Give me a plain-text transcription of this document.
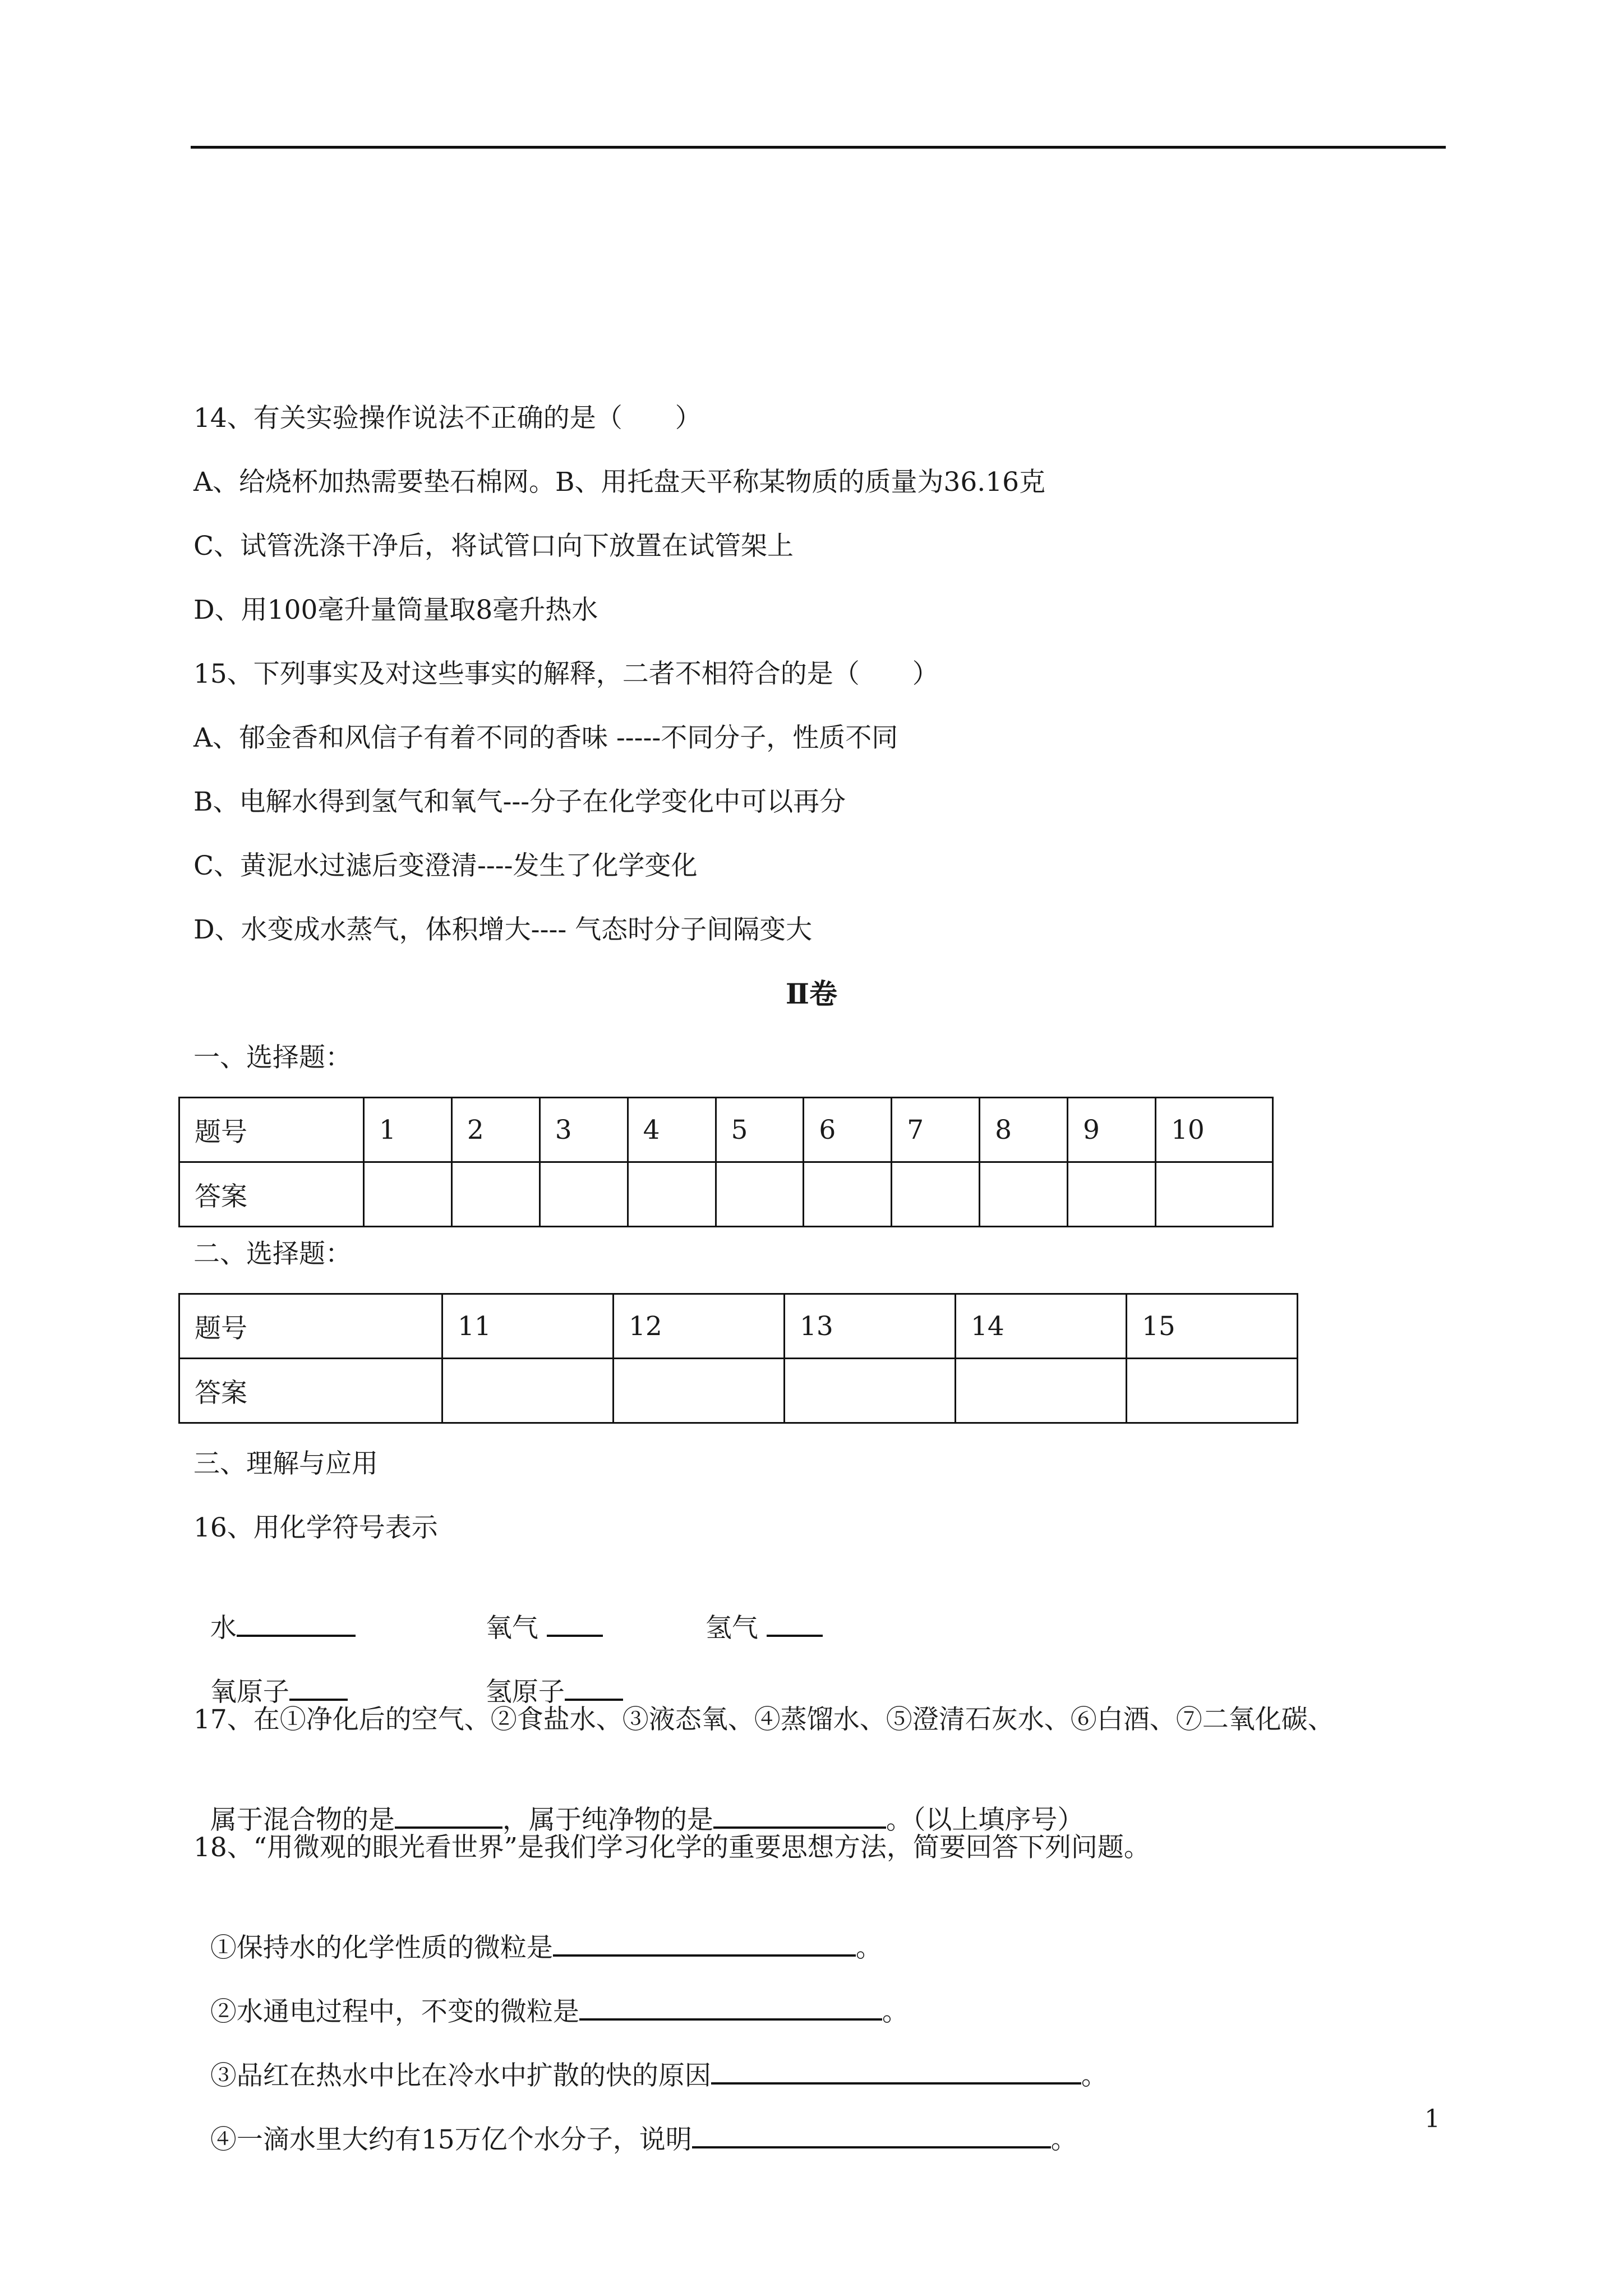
14、有关实验操作说法不正确的是（　　）
A、给烧杯加热需要垫石棉网。B、用托盘天平称某物质的质量为36.16克
C、试管洗涤干净后，将试管口向下放置在试管架上
D、用100毫升量筒量取8毫升热水
15、下列事实及对这些事实的解释，二者不相符合的是（　　）
A、郁金香和风信子有着不同的香味 -----不同分子，性质不同
B、电解水得到氢气和氧气---分子在化学变化中可以再分
C、黄泥水过滤后变澄清----发生了化学变化
D、水变成水蒸气，体积增大---- 气态时分子间隔变大
Ⅱ卷
一、选择题：
题号	1	2	3	4	5	6	7	8	9	10
答案										
二、选择题：
题号	11	12	13	14	15
答案					
三、理解与应用
16、用化学符号表示

水	氧气	氢气

氧原子	氢原子

17、在①净化后的空气、②食盐水、③液态氧、④蒸馏水、⑤澄清石灰水、⑥白酒、⑦二氧化碳、

属于混合物的是	，属于纯净物的是	。（以上填序号）

18、“用微观的眼光看世界”是我们学习化学的重要思想方法，简要回答下列问题。

①保持水的化学性质的微粒是	。

②水通电过程中，不变的微粒是	。

③品红在热水中比在冷水中扩散的快的原因	。

④一滴水里大约有15万亿个水分子，说明	。

1
